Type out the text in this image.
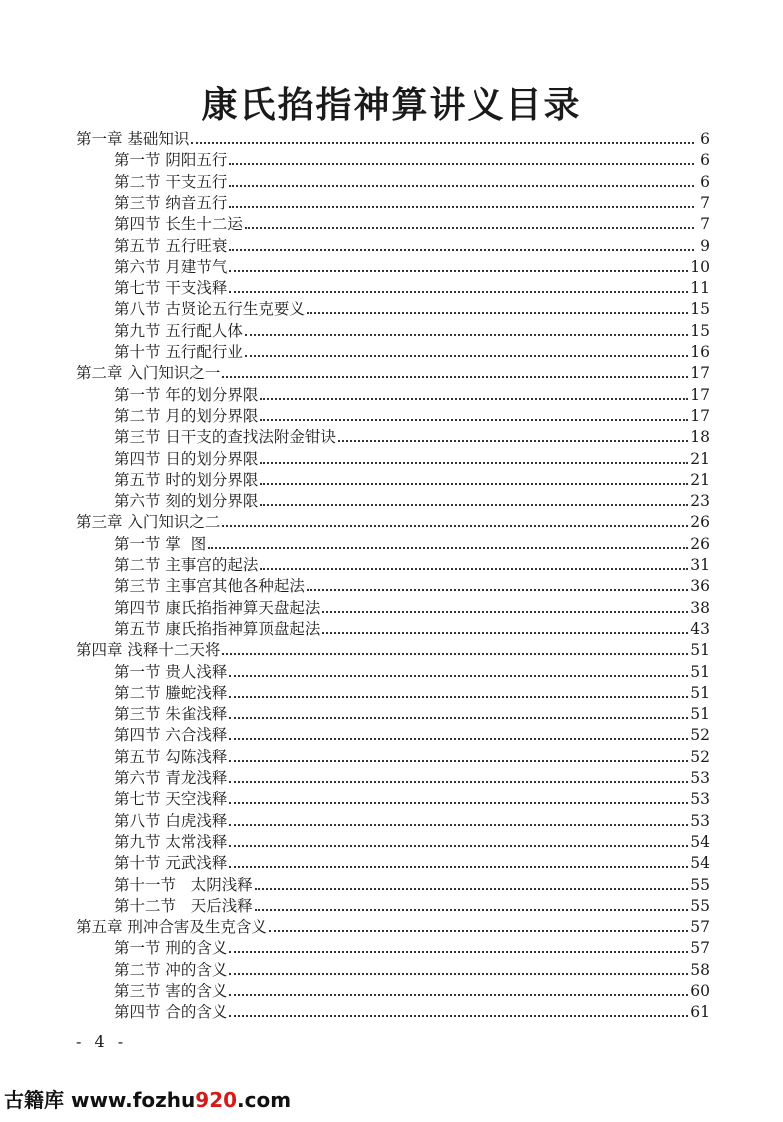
康氏掐指神算讲义目录
第一章 基础知识	6
第一节 阴阳五行	6
第二节 干支五行	6
第三节 纳音五行	7
第四节 长生十二运	7
第五节 五行旺衰	9
第六节 月建节气	10
第七节 干支浅释	11
第八节 古贤论五行生克要义	15
第九节 五行配人体	15
第十节 五行配行业	16
第二章 入门知识之一	17
第一节 年的划分界限	17
第二节 月的划分界限	17
第三节 日干支的查找法附金钳诀	18
第四节 日的划分界限	21
第五节 时的划分界限	21
第六节 刻的划分界限	23
第三章 入门知识之二	26
第一节 掌  图	26
第二节 主事宫的起法	31
第三节 主事宫其他各种起法	36
第四节 康氏掐指神算天盘起法	38
第五节 康氏掐指神算顶盘起法	43
第四章 浅释十二天将	51
第一节 贵人浅释	51
第二节 螣蛇浅释	51
第三节 朱雀浅释	51
第四节 六合浅释	52
第五节 勾陈浅释	52
第六节 青龙浅释	53
第七节 天空浅释	53
第八节 白虎浅释	53
第九节 太常浅释	54
第十节 元武浅释	54
第十一节   太阴浅释	55
第十二节   天后浅释	55
第五章 刑冲合害及生克含义	57
第一节 刑的含义	57
第二节 冲的含义	58
第三节 害的含义	60
第四节 合的含义	61
- 4 -
古籍库 www.fozhu920.com
